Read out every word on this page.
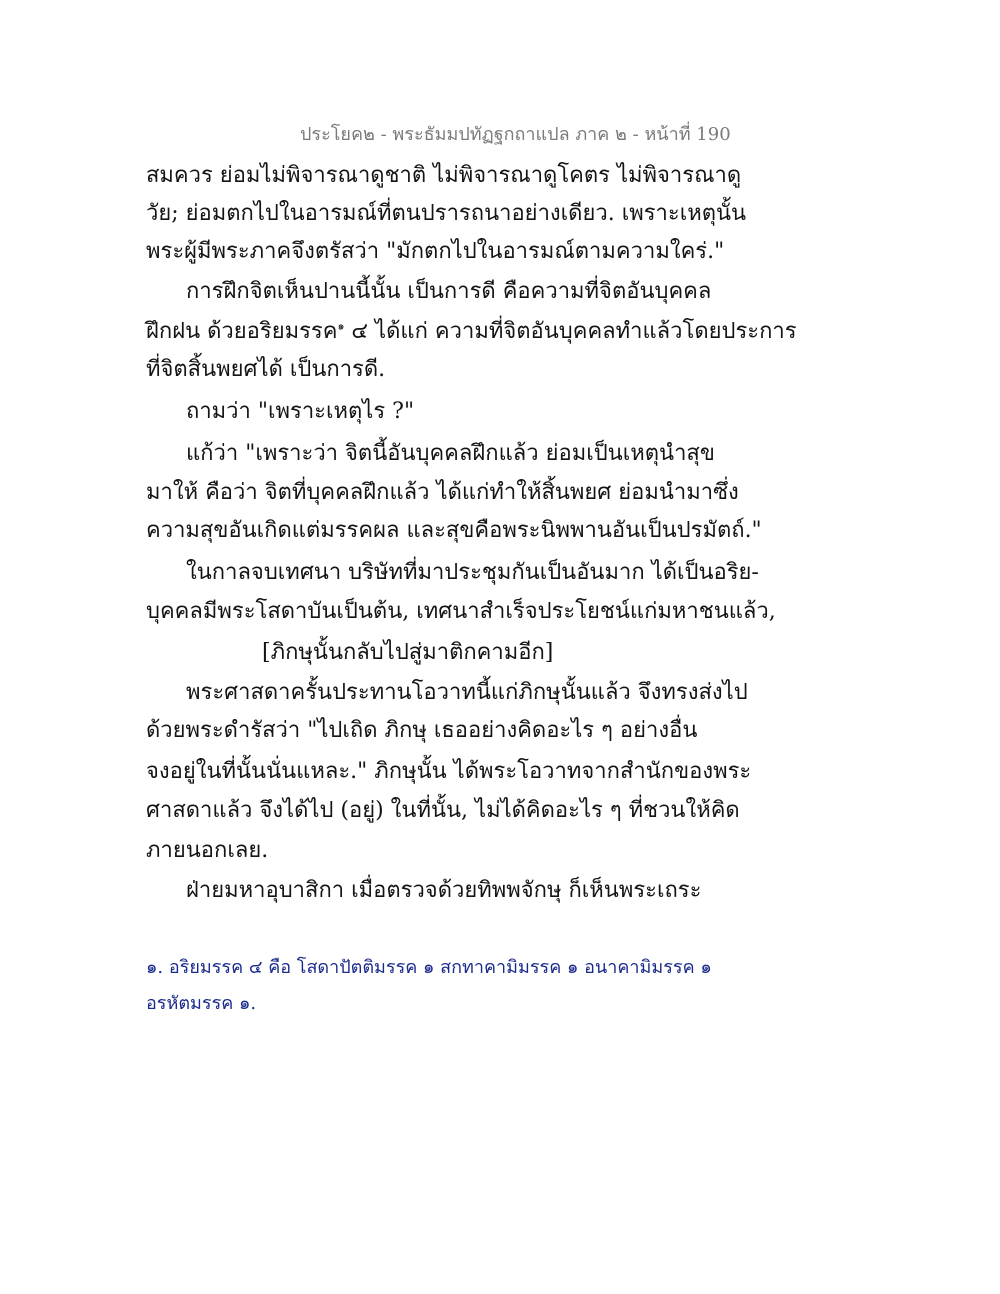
ประโยค๒ - พระธัมมปทัฏฐกถาแปล ภาค ๒ - หน้าที่ 190
สมควร ย่อมไม่พิจารณาดูชาติ ไม่พิจารณาดูโคตร ไม่พิจารณาดู
วัย; ย่อมตกไปในอารมณ์ที่ตนปรารถนาอย่างเดียว. เพราะเหตุนั้น
พระผู้มีพระภาคจึงตรัสว่า "มักตกไปในอารมณ์ตามความใคร่."
การฝึกจิตเห็นปานนี้นั้น เป็นการดี คือความที่จิตอันบุคคล
ฝึกฝน ด้วยอริยมรรค$^๑$ ๔ ได้แก่ ความที่จิตอันบุคคลทำแล้วโดยประการ
ที่จิตสิ้นพยศได้ เป็นการดี.
ถามว่า "เพราะเหตุไร ?"
แก้ว่า "เพราะว่า จิตนี้อันบุคคลฝึกแล้ว ย่อมเป็นเหตุนำสุข
มาให้ คือว่า จิตที่บุคคลฝึกแล้ว ได้แก่ทำให้สิ้นพยศ ย่อมนำมาซึ่ง
ความสุขอันเกิดแต่มรรคผล และสุขคือพระนิพพานอันเป็นปรมัตถ์."
ในกาลจบเทศนา บริษัทที่มาประชุมกันเป็นอันมาก ได้เป็นอริย-
บุคคลมีพระโสดาบันเป็นต้น, เทศนาสำเร็จประโยชน์แก่มหาชนแล้ว,
[ภิกษุนั้นกลับไปสู่มาติกคามอีก]
พระศาสดาครั้นประทานโอวาทนี้แก่ภิกษุนั้นแล้ว จึงทรงส่งไป
ด้วยพระดำรัสว่า "ไปเถิด ภิกษุ เธออย่างคิดอะไร ๆ อย่างอื่น
จงอยู่ในที่นั้นนั่นแหละ." ภิกษุนั้น ได้พระโอวาทจากสำนักของพระ
ศาสดาแล้ว จึงได้ไป (อยู่) ในที่นั้น, ไม่ได้คิดอะไร ๆ ที่ชวนให้คิด
ภายนอกเลย.
ฝ่ายมหาอุบาสิกา เมื่อตรวจด้วยทิพพจักษุ ก็เห็นพระเถระ
๑. อริยมรรค ๔ คือ โสดาปัตติมรรค ๑ สกทาคามิมรรค ๑ อนาคามิมรรค ๑
อรหัตมรรค ๑.
